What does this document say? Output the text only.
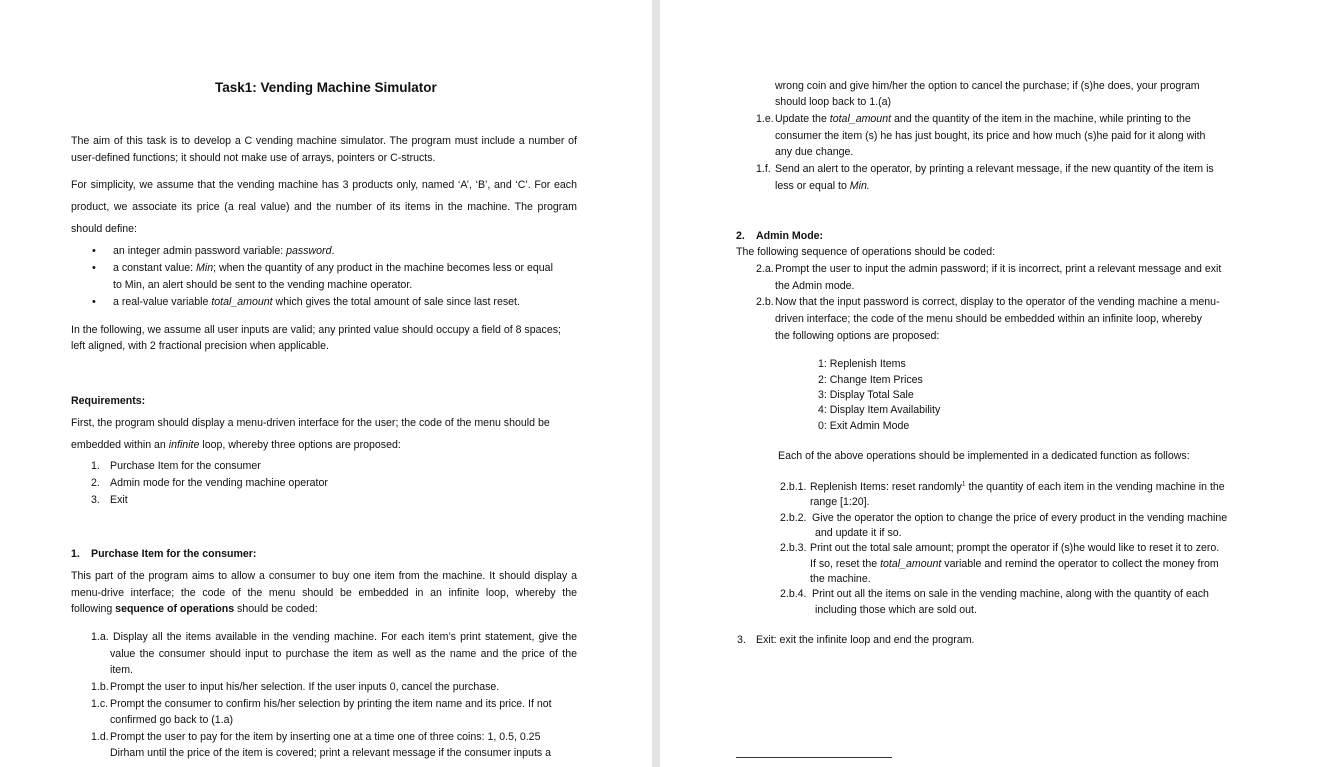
Task1: Vending Machine Simulator
The aim of this task is to develop a C vending machine simulator. The program must include a number of
user-defined functions; it should not make use of arrays, pointers or C-structs.
For simplicity, we assume that the vending machine has 3 products only, named ‘A’, ‘B’, and ‘C’. For each
product, we associate its price (a real value) and the number of its items in the machine. The program
should define:
• an integer admin password variable: password.
• a constant value: Min; when the quantity of any product in the machine becomes less or equal
to Min, an alert should be sent to the vending machine operator.
• a real-value variable total_amount which gives the total amount of sale since last reset.
In the following, we assume all user inputs are valid; any printed value should occupy a field of 8 spaces;
left aligned, with 2 fractional precision when applicable.
Requirements:
First, the program should display a menu-driven interface for the user; the code of the menu should be
embedded within an infinite loop, whereby three options are proposed:
1. Purchase Item for the consumer
2. Admin mode for the vending machine operator
3. Exit
1. Purchase Item for the consumer:
This part of the program aims to allow a consumer to buy one item from the machine. It should display a
menu-drive interface; the code of the menu should be embedded in an infinite loop, whereby the
following sequence of operations should be coded:
1.a. Display all the items available in the vending machine. For each item’s print statement, give the
value the consumer should input to purchase the item as well as the name and the price of the
item.
1.b. Prompt the user to input his/her selection. If the user inputs 0, cancel the purchase.
1.c. Prompt the consumer to confirm his/her selection by printing the item name and its price. If not
confirmed go back to (1.a)
1.d. Prompt the user to pay for the item by inserting one at a time one of three coins: 1, 0.5, 0.25
Dirham until the price of the item is covered; print a relevant message if the consumer inputs a
wrong coin and give him/her the option to cancel the purchase; if (s)he does, your program
should loop back to 1.(a)
1.e. Update the total_amount and the quantity of the item in the machine, while printing to the
consumer the item (s) he has just bought, its price and how much (s)he paid for it along with
any due change.
1.f. Send an alert to the operator, by printing a relevant message, if the new quantity of the item is
less or equal to Min.
2. Admin Mode:
The following sequence of operations should be coded:
2.a. Prompt the user to input the admin password; if it is incorrect, print a relevant message and exit
the Admin mode.
2.b. Now that the input password is correct, display to the operator of the vending machine a menu-
driven interface; the code of the menu should be embedded within an infinite loop, whereby
the following options are proposed:
1: Replenish Items
2: Change Item Prices
3: Display Total Sale
4: Display Item Availability
0: Exit Admin Mode
Each of the above operations should be implemented in a dedicated function as follows:
2.b.1. Replenish Items: reset randomly$^1$ the quantity of each item in the vending machine in the
range [1:20].
2.b.2. Give the operator the option to change the price of every product in the vending machine
and update it if so.
2.b.3. Print out the total sale amount; prompt the operator if (s)he would like to reset it to zero.
If so, reset the total_amount variable and remind the operator to collect the money from
the machine.
2.b.4. Print out all the items on sale in the vending machine, along with the quantity of each
including those which are sold out.
3. Exit: exit the infinite loop and end the program.
